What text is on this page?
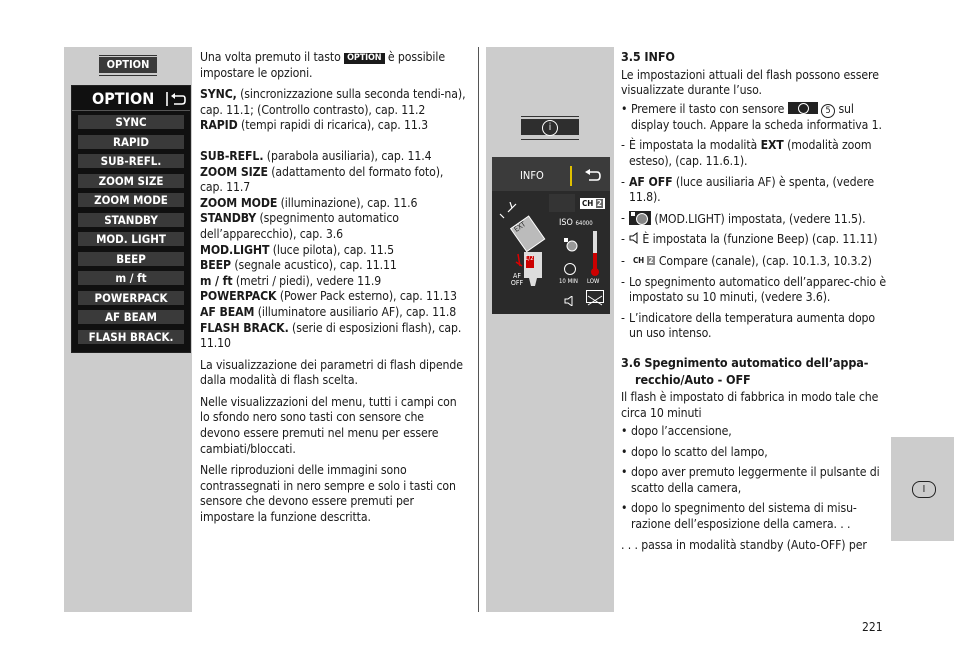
OPTION
OPTION
SYNC
RAPID
SUB-REFL.
ZOOM SIZE
ZOOM MODE
STANDBY
MOD. LIGHT
BEEP
m / ft
POWERPACK
AF BEAM
FLASH BRACK.

Una volta premuto il tasto OPTION è possibile impostare le opzioni.

SYNC, (sincronizzazione sulla seconda tendi-na), cap. 11.1; (Controllo contrasto), cap. 11.2
RAPID (tempi rapidi di ricarica), cap. 11.3
SUB-REFL. (parabola ausiliaria), cap. 11.4
ZOOM SIZE (adattamento del formato foto), cap. 11.7
ZOOM MODE (illuminazione), cap. 11.6
STANDBY (spegnimento automatico dell’apparecchio), cap. 3.6
MOD.LIGHT (luce pilota), cap. 11.5
BEEP (segnale acustico), cap. 11.11
m / ft (metri / piedi), vedere 11.9
POWERPACK (Power Pack esterno), cap. 11.13
AF BEAM (illuminatore ausiliario AF), cap. 11.8
FLASH BRACK. (serie di esposizioni flash), cap. 11.10

La visualizzazione dei parametri di flash dipende dalla modalità di flash scelta.

Nelle visualizzazioni del menu, tutti i campi con lo sfondo nero sono tasti con sensore che devono essere premuti nel menu per essere cambiati/bloccati.

Nelle riproduzioni delle immagini sono contrassegnati in nero sempre e solo i tasti con sensore che devono essere premuti per impostare la funzione descritta.

i
INFO
CH 2
EXT
1/2
AF OFF
ISO 64000
10 MIN LOW
3.5 INFO

Le impostazioni attuali del flash possono essere visualizzate durante l’uso.

• Premere il tasto con sensore	5 sul display touch. Appare la scheda informativa 1.
- È impostata la modalità EXT (modalità zoom esteso), (cap. 11.6.1).
- AF OFF (luce ausiliaria AF) è spenta, (vedere 11.8).
- (MOD.LIGHT) impostata, (vedere 11.5).
- È impostata la (funzione Beep) (cap. 11.11)
- CH 2 Compare (canale), (cap. 10.1.3, 10.3.2)
- Lo spegnimento automatico dell’apparec-chio è impostato su 10 minuti, (vedere 3.6).
- L’indicatore della temperatura aumenta dopo un uso intenso.
3.6 Spegnimento automatico dell’appa-recchio/Auto - OFF

Il flash è impostato di fabbrica in modo tale che circa 10 minuti

• dopo l’accensione,
• dopo lo scatto del lampo,
• dopo aver premuto leggermente il pulsante di scatto della camera,
• dopo lo spegnimento del sistema di misu-razione dell’esposizione della camera. . .

. . . passa in modalità standby (Auto-OFF) per

I
221
